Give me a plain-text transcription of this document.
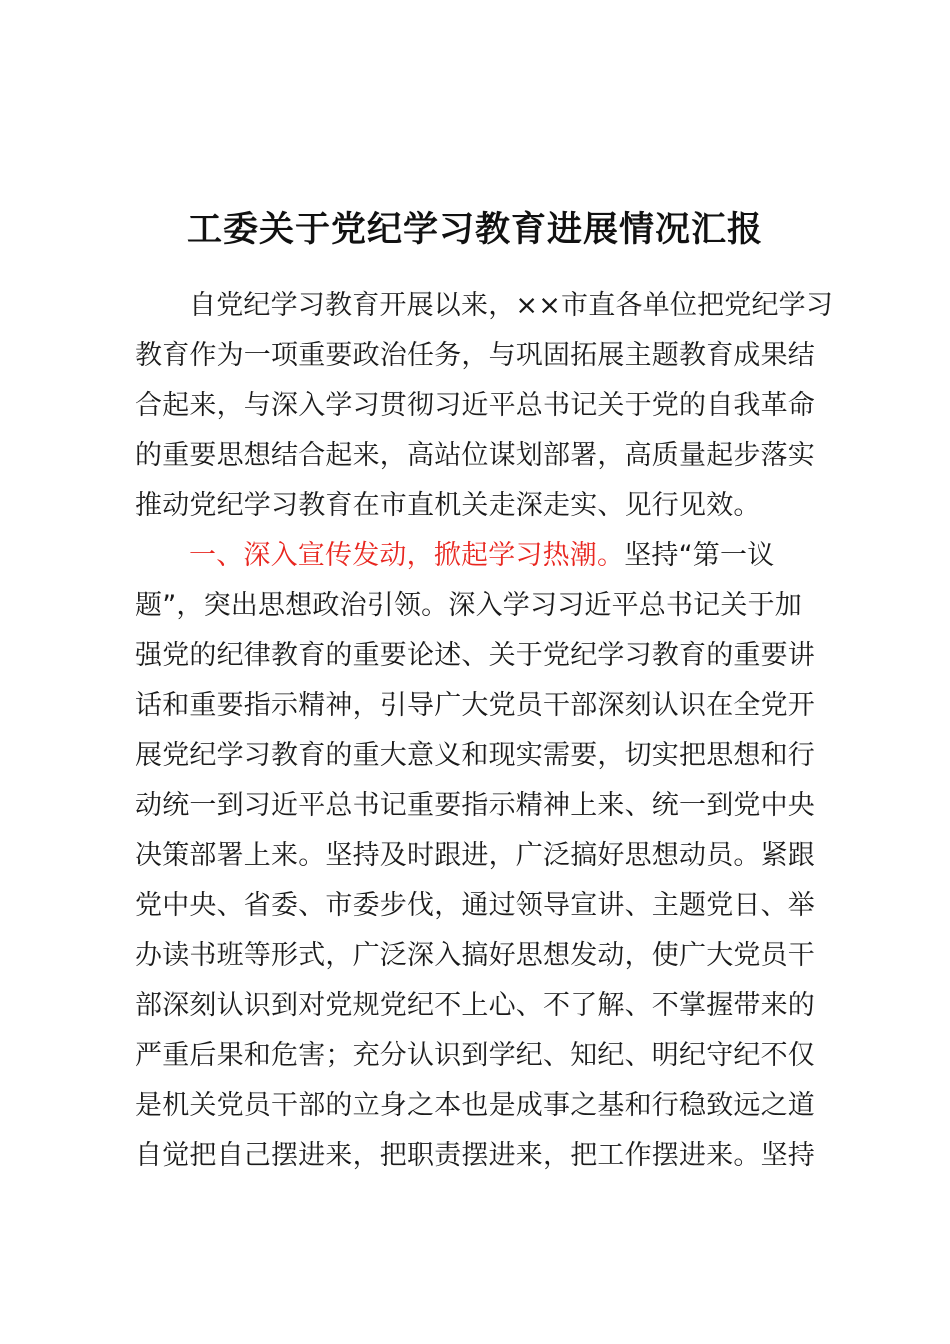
工委关于党纪学习教育进展情况汇报
自党纪学习教育开展以来，××市直各单位把党纪学习
教育作为一项重要政治任务，与巩固拓展主题教育成果结
合起来，与深入学习贯彻习近平总书记关于党的自我革命
的重要思想结合起来，高站位谋划部署，高质量起步落实
推动党纪学习教育在市直机关走深走实、见行见效。
一、深入宣传发动，掀起学习热潮。坚持“第一议
题”，突出思想政治引领。深入学习习近平总书记关于加
强党的纪律教育的重要论述、关于党纪学习教育的重要讲
话和重要指示精神，引导广大党员干部深刻认识在全党开
展党纪学习教育的重大意义和现实需要，切实把思想和行
动统一到习近平总书记重要指示精神上来、统一到党中央
决策部署上来。坚持及时跟进，广泛搞好思想动员。紧跟
党中央、省委、市委步伐，通过领导宣讲、主题党日、举
办读书班等形式，广泛深入搞好思想发动，使广大党员干
部深刻认识到对党规党纪不上心、不了解、不掌握带来的
严重后果和危害；充分认识到学纪、知纪、明纪守纪不仅
是机关党员干部的立身之本也是成事之基和行稳致远之道
自觉把自己摆进来，把职责摆进来，把工作摆进来。坚持
